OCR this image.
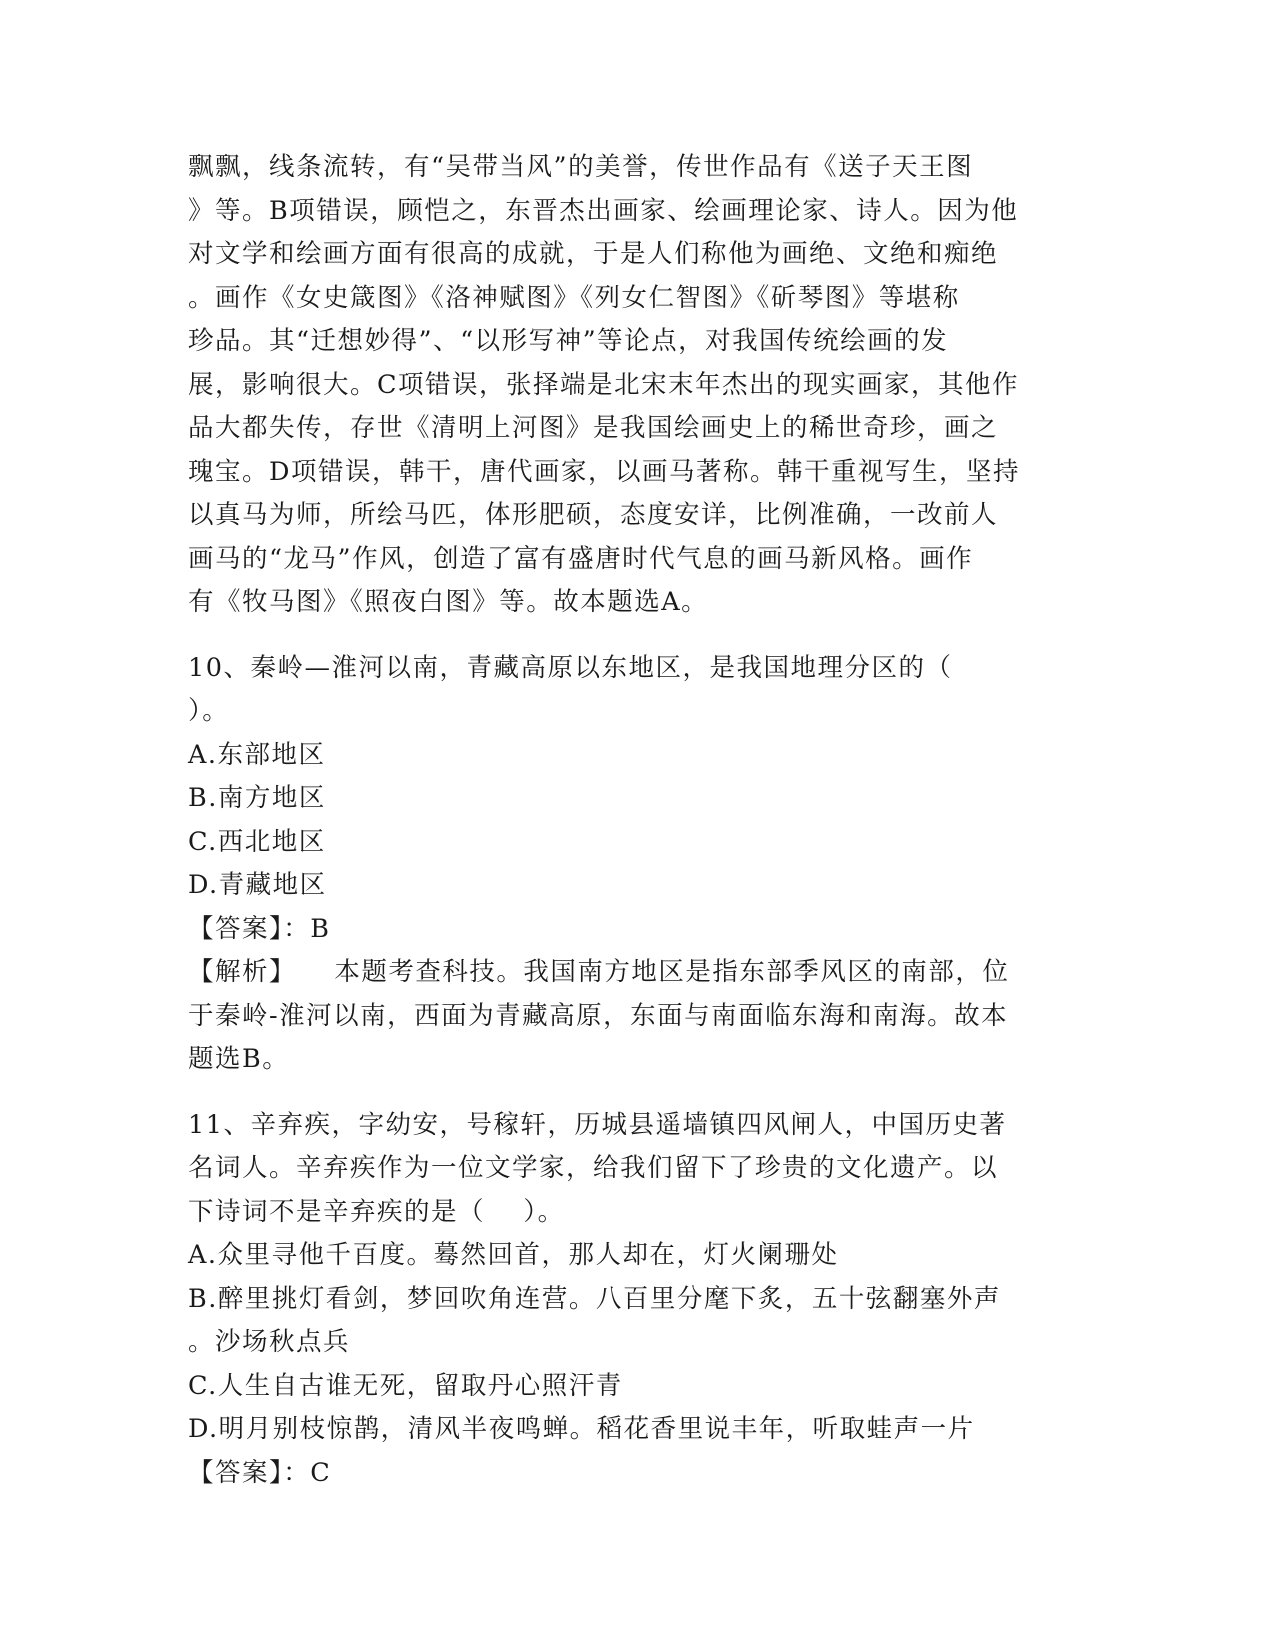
飘飘，线条流转，有“吴带当风”的美誉，传世作品有《送子天王图
》等。B项错误，顾恺之，东晋杰出画家、绘画理论家、诗人。因为他
对文学和绘画方面有很高的成就，于是人们称他为画绝、文绝和痴绝
。画作《女史箴图》《洛神赋图》《列女仁智图》《斫琴图》等堪称
珍品。其“迁想妙得”、“以形写神”等论点，对我国传统绘画的发
展，影响很大。C项错误，张择端是北宋末年杰出的现实画家，其他作
品大都失传，存世《清明上河图》是我国绘画史上的稀世奇珍，画之
瑰宝。D项错误，韩干，唐代画家，以画马著称。韩干重视写生，坚持
以真马为师，所绘马匹，体形肥硕，态度安详，比例准确，一改前人
画马的“龙马”作风，创造了富有盛唐时代气息的画马新风格。画作
有《牧马图》《照夜白图》等。故本题选A。
10、秦岭—淮河以南，青藏高原以东地区，是我国地理分区的（
）。
A.东部地区
B.南方地区
C.西北地区
D.青藏地区
【答案】：B
【解析】    本题考查科技。我国南方地区是指东部季风区的南部，位
于秦岭-淮河以南，西面为青藏高原，东面与南面临东海和南海。故本
题选B。
11、辛弃疾，字幼安，号稼轩，历城县遥墙镇四风闸人，中国历史著
名词人。辛弃疾作为一位文学家，给我们留下了珍贵的文化遗产。以
下诗词不是辛弃疾的是（    ）。
A.众里寻他千百度。蓦然回首，那人却在，灯火阑珊处
B.醉里挑灯看剑，梦回吹角连营。八百里分麾下炙，五十弦翻塞外声
。沙场秋点兵
C.人生自古谁无死，留取丹心照汗青
D.明月别枝惊鹊，清风半夜鸣蝉。稻花香里说丰年，听取蛙声一片
【答案】：C
